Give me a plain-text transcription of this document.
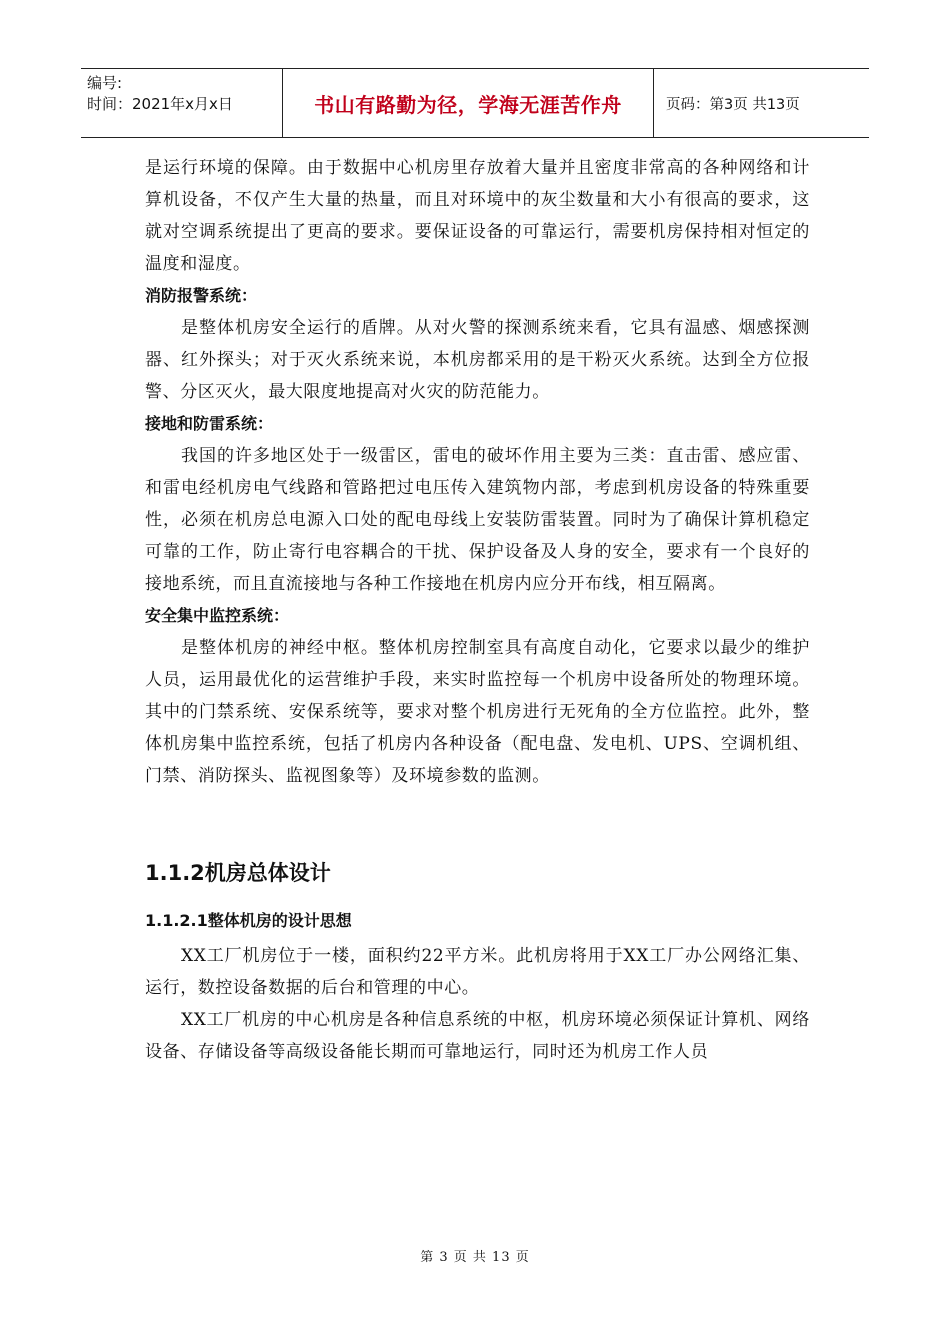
编号:
时间：2021年x月x日	书山有路勤为径，学海无涯苦作舟	页码：第3页 共13页

是运行环境的保障。由于数据中心机房里存放着大量并且密度非常高的各种网络和计算机设备，不仅产生大量的热量，而且对环境中的灰尘数量和大小有很高的要求，这就对空调系统提出了更高的要求。要保证设备的可靠运行，需要机房保持相对恒定的温度和湿度。

消防报警系统：

是整体机房安全运行的盾牌。从对火警的探测系统来看，它具有温感、烟感探测器、红外探头；对于灭火系统来说，本机房都采用的是干粉灭火系统。达到全方位报警、分区灭火，最大限度地提高对火灾的防范能力。

接地和防雷系统：

我国的许多地区处于一级雷区，雷电的破坏作用主要为三类：直击雷、感应雷、和雷电经机房电气线路和管路把过电压传入建筑物内部，考虑到机房设备的特殊重要性，必须在机房总电源入口处的配电母线上安装防雷装置。同时为了确保计算机稳定可靠的工作，防止寄行电容耦合的干扰、保护设备及人身的安全，要求有一个良好的接地系统，而且直流接地与各种工作接地在机房内应分开布线，相互隔离。

安全集中监控系统：

是整体机房的神经中枢。整体机房控制室具有高度自动化，它要求以最少的维护人员，运用最优化的运营维护手段，来实时监控每一个机房中设备所处的物理环境。其中的门禁系统、安保系统等，要求对整个机房进行无死角的全方位监控。此外，整体机房集中监控系统，包括了机房内各种设备（配电盘、发电机、UPS、空调机组、门禁、消防探头、监视图象等）及环境参数的监测。

1.1.2机房总体设计
1.1.2.1整体机房的设计思想

XX工厂机房位于一楼，面积约22平方米。此机房将用于XX工厂办公网络汇集、运行，数控设备数据的后台和管理的中心。

XX工厂机房的中心机房是各种信息系统的中枢，机房环境必须保证计算机、网络设备、存储设备等高级设备能长期而可靠地运行，同时还为机房工作人员

第 3 页 共 13 页
